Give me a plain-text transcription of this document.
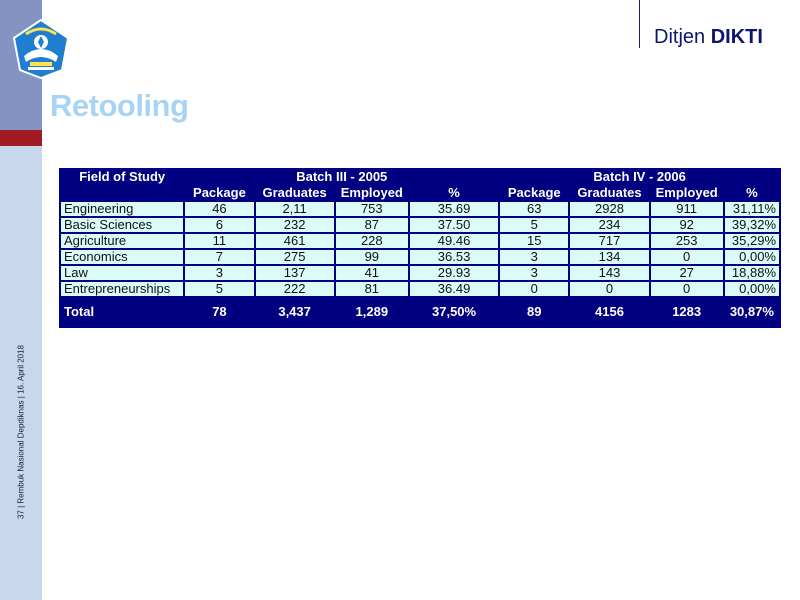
37 | Rembuk Nasional Depdiknas | 16. April 2018
Ditjen DIKTI
Retooling
Field of Study	Batch III - 2005				Batch IV - 2006			
	Package	Graduates	Employed	%	Package	Graduates	Employed	%
Engineering	46	2,11	753	35.69	63	2928	911	31,11%
Basic Sciences	6	232	87	37.50	5	234	92	39,32%
Agriculture	11	461	228	49.46	15	717	253	35,29%
Economics	7	275	99	36.53	3	134	0	0,00%
Law	3	137	41	29.93	3	143	27	18,88%
Entrepreneurships	5	222	81	36.49	0	0	0	0,00%
Total	78	3,437	1,289	37,50%	89	4156	1283	30,87%
